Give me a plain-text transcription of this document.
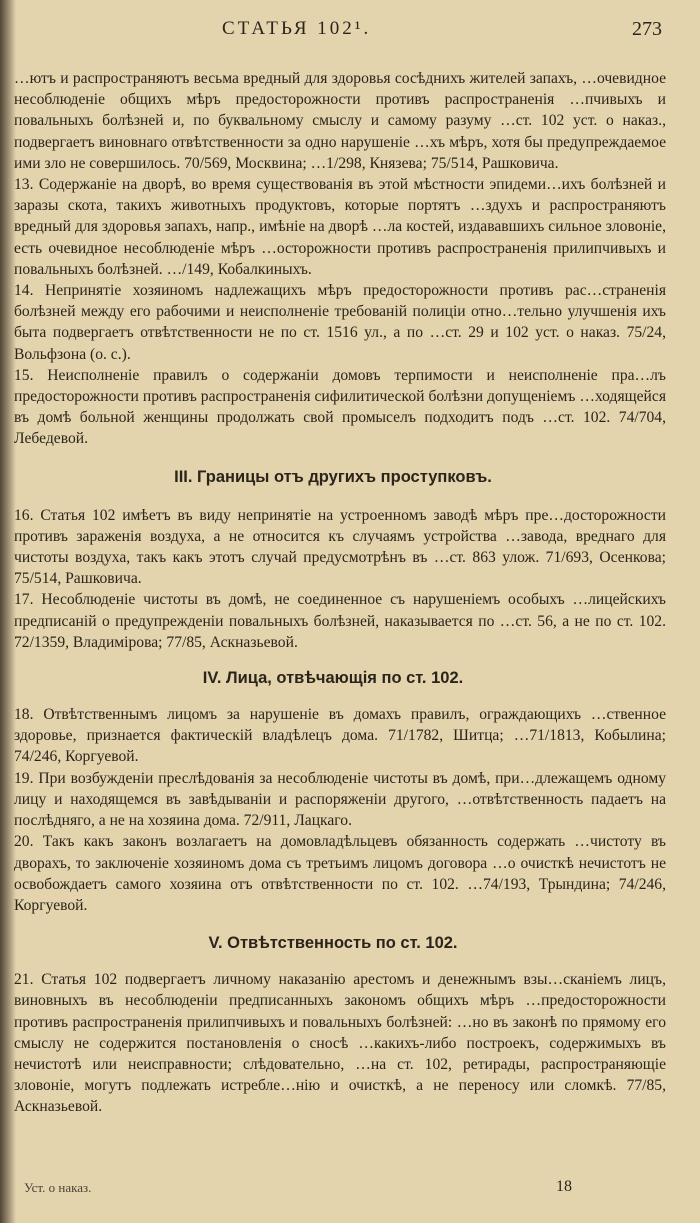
СТАТЬЯ 102¹.	273

…ютъ и распространяютъ весьма вредный для здоровья сосѣднихъ жителей запахъ, …очевидное несоблюденіе общихъ мѣръ предосторожности противъ распространенія …пчивыхъ и повальныхъ болѣзней и, по буквальному смыслу и самому разуму …ст. 102 уст. о наказ., подвергаетъ виновнаго отвѣтственности за одно нарушеніе …хъ мѣръ, хотя бы предупреждаемое ими зло не совершилось. 70/569, Москвина; …1/298, Князева; 75/514, Рашковича.

13. Содержаніе на дворѣ, во время существованія въ этой мѣстности эпидеми…ихъ болѣзней и заразы скота, такихъ животныхъ продуктовъ, которые портятъ …здухъ и распространяютъ вредный для здоровья запахъ, напр., имѣніе на дворѣ …ла костей, издававшихъ сильное зловоніе, есть очевидное несоблюденіе мѣръ …осторожности противъ распространенія прилипчивыхъ и повальныхъ болѣзней. …/149, Кобалкиныхъ.

14. Непринятіе хозяиномъ надлежащихъ мѣръ предосторожности противъ рас…страненія болѣзней между его рабочими и неисполненіе требованій полиціи отно…тельно улучшенія ихъ быта подвергаетъ отвѣтственности не по ст. 1516 ул., а по …ст. 29 и 102 уст. о наказ. 75/24, Вольфзона (о. с.).

15. Неисполненіе правилъ о содержаніи домовъ терпимости и неисполненіе пра…лъ предосторожности противъ распространенія сифилитической болѣзни допущеніемъ …ходящейся въ домѣ больной женщины продолжать свой промыселъ подходитъ подъ …ст. 102. 74/704, Лебедевой.

III. Границы отъ другихъ проступковъ.

16. Статья 102 имѣетъ въ виду непринятіе на устроенномъ заводѣ мѣръ пре…досторожности противъ зараженія воздуха, а не относится къ случаямъ устройства …завода, вреднаго для чистоты воздуха, такъ какъ этотъ случай предусмотрѣнъ въ …ст. 863 улож. 71/693, Осенкова; 75/514, Рашковича.

17. Несоблюденіе чистоты въ домѣ, не соединенное съ нарушеніемъ особыхъ …лицейскихъ предписаній о предупрежденіи повальныхъ болѣзней, наказывается по …ст. 56, а не по ст. 102. 72/1359, Владимірова; 77/85, Аскназьевой.

IV. Лица, отвѣчающія по ст. 102.

18. Отвѣтственнымъ лицомъ за нарушеніе въ домахъ правилъ, ограждающихъ …ственное здоровье, признается фактическій владѣлецъ дома. 71/1782, Шитца; …71/1813, Кобылина; 74/246, Коргуевой.

19. При возбужденіи преслѣдованія за несоблюденіе чистоты въ домѣ, при…длежащемъ одному лицу и находящемся въ завѣдываніи и распоряженіи другого, …отвѣтственность падаетъ на послѣдняго, а не на хозяина дома. 72/911, Лацкаго.

20. Такъ какъ законъ возлагаетъ на домовладѣльцевъ обязанность содержать …чистоту въ дворахъ, то заключеніе хозяиномъ дома съ третьимъ лицомъ договора …о очисткѣ нечистотъ не освобождаетъ самого хозяина отъ отвѣтственности по ст. 102. …74/193, Трындина; 74/246, Коргуевой.

V. Отвѣтственность по ст. 102.

21. Статья 102 подвергаетъ личному наказанію арестомъ и денежнымъ взы…сканіемъ лицъ, виновныхъ въ несоблюденіи предписанныхъ закономъ общихъ мѣръ …предосторожности противъ распространенія прилипчивыхъ и повальныхъ болѣзней: …но въ законѣ по прямому его смыслу не содержится постановленія о сносѣ …какихъ-либо построекъ, содержимыхъ въ нечистотѣ или неисправности; слѣдовательно, …на ст. 102, ретирады, распространяющіе зловоніе, могутъ подлежать истребле…нію и очисткѣ, а не переносу или сломкѣ. 77/85, Аскназьевой.

Уст. о наказ.	18
